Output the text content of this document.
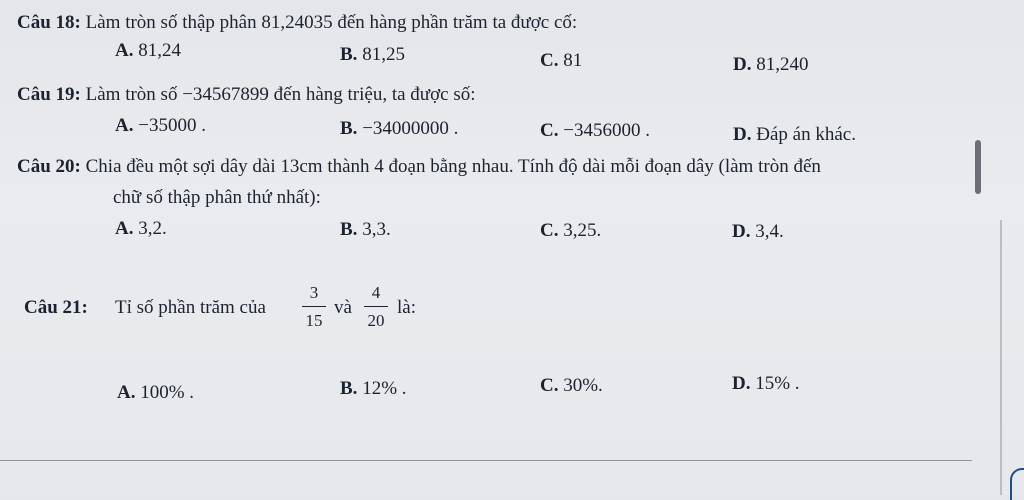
Câu 18: Làm tròn số thập phân 81,24035 đến hàng phần trăm ta được cố:
A. 81,24	B. 81,25	C. 81	D. 81,240
Câu 19: Làm tròn số −34567899 đến hàng triệu, ta được số:
A. −35000 .	B. −34000000 .	C. −3456000 .	D. Đáp án khác.
Câu 20: Chia đều một sợi dây dài 13cm thành 4 đoạn bằng nhau. Tính độ dài mỗi đoạn dây (làm tròn đến
chữ số thập phân thứ nhất):
A. 3,2.	B. 3,3.	C. 3,25.	D. 3,4.
Câu 21: Tỉ số phần trăm của
3
15
và
4
20
là:
A. 100% .	B. 12% .	C. 30%.	D. 15% .
